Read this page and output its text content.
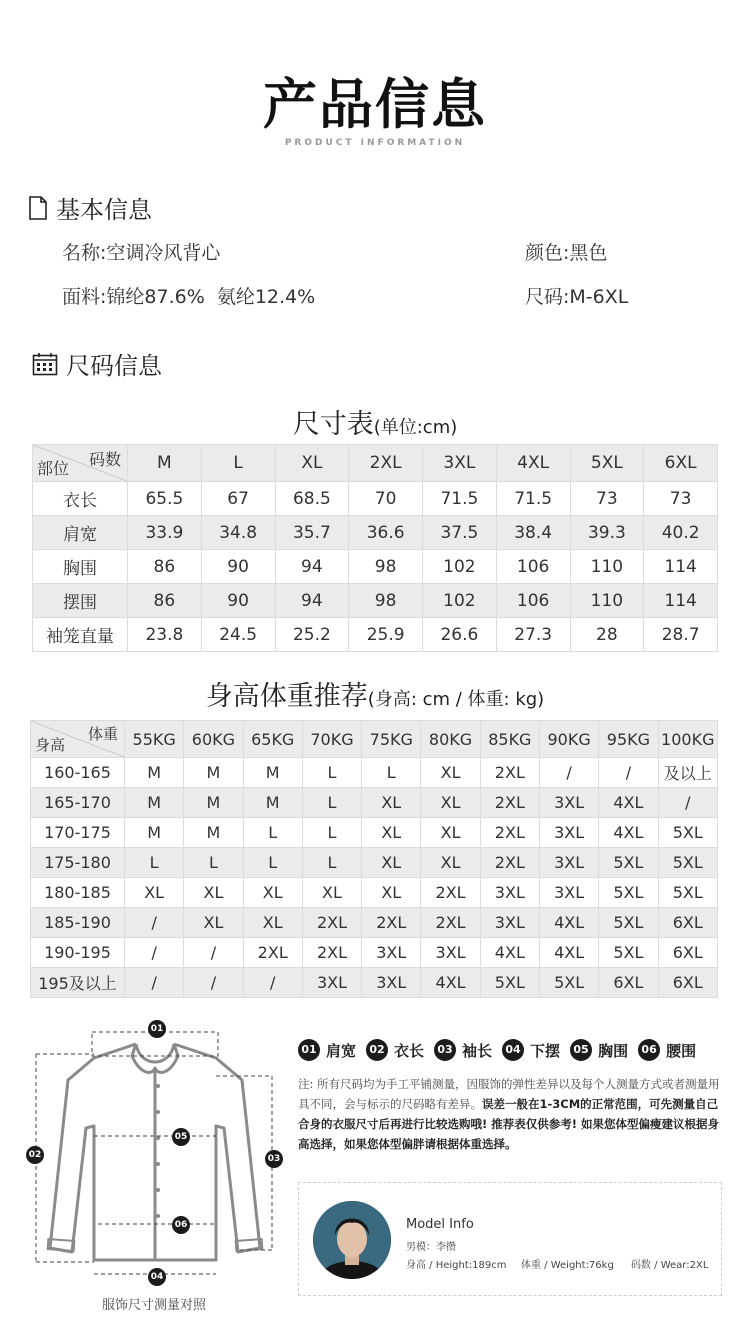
产品信息
PRODUCT INFORMATION
基本信息
名称:空调冷风背心	颜色:黑色
面料:锦纶87.6%  氨纶12.4%	尺码:M-6XL
尺码信息
尺寸表(单位:cm)
码数
部位	M	L	XL	2XL	3XL	4XL	5XL	6XL
衣长	65.5	67	68.5	70	71.5	71.5	73	73
肩宽	33.9	34.8	35.7	36.6	37.5	38.4	39.3	40.2
胸围	86	90	94	98	102	106	110	114
摆围	86	90	94	98	102	106	110	114
袖笼直量	23.8	24.5	25.2	25.9	26.6	27.3	28	28.7
身高体重推荐(身高: cm / 体重: kg)
体重
身高	55KG	60KG	65KG	70KG	75KG	80KG	85KG	90KG	95KG	100KG
160-165	M	M	M	L	L	XL	2XL	/	/	及以上
165-170	M	M	M	L	XL	XL	2XL	3XL	4XL	/
170-175	M	M	L	L	XL	XL	2XL	3XL	4XL	5XL
175-180	L	L	L	L	XL	XL	2XL	3XL	5XL	5XL
180-185	XL	XL	XL	XL	XL	2XL	3XL	3XL	5XL	5XL
185-190	/	XL	XL	2XL	2XL	2XL	3XL	4XL	5XL	6XL
190-195	/	/	2XL	2XL	3XL	3XL	4XL	4XL	5XL	6XL
195及以上	/	/	/	3XL	3XL	4XL	5XL	5XL	6XL	6XL
01
02	03
04
05
06
服饰尺寸测量对照
01 肩宽	02 衣长	03 袖长	04 下摆	05 胸围	06 腰围
注: 所有尺码均为手工平铺测量，因服饰的弹性差异以及每个人测量方式或者测量用具不同，会与标示的尺码略有差异。误差一般在1-3CM的正常范围，可先测量自己合身的衣服尺寸后再进行比较选购哦! 推荐表仅供参考! 如果您体型偏瘦建议根据身高选择，如果您体型偏胖请根据体重选择。
Model Info
男模：李攒
身高 / Height:189cm 体重 / Weight:76kg 码数 / Wear:2XL
